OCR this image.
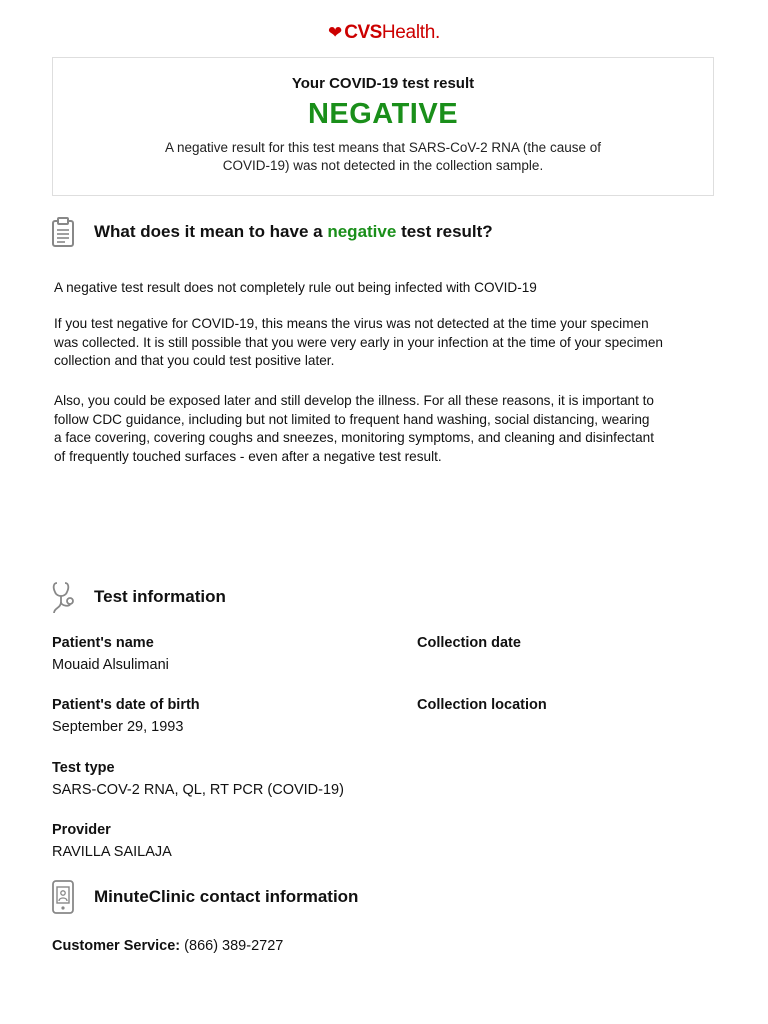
❤ CVSHealth.
Your COVID-19 test result
NEGATIVE
A negative result for this test means that SARS-CoV-2 RNA (the cause of COVID-19) was not detected in the collection sample.
What does it mean to have a negative test result?
A negative test result does not completely rule out being infected with COVID-19
If you test negative for COVID-19, this means the virus was not detected at the time your specimen was collected. It is still possible that you were very early in your infection at the time of your specimen collection and that you could test positive later.
Also, you could be exposed later and still develop the illness. For all these reasons, it is important to follow CDC guidance, including but not limited to frequent hand washing, social distancing, wearing a face covering, covering coughs and sneezes, monitoring symptoms, and cleaning and disinfectant of frequently touched surfaces - even after a negative test result.
Test information
Patient's name
Mouaid Alsulimani
Collection date
Patient's date of birth
September 29, 1993
Collection location
Test type
SARS-COV-2 RNA, QL, RT PCR (COVID-19)
Provider
RAVILLA SAILAJA
MinuteClinic contact information
Customer Service: (866) 389-2727
